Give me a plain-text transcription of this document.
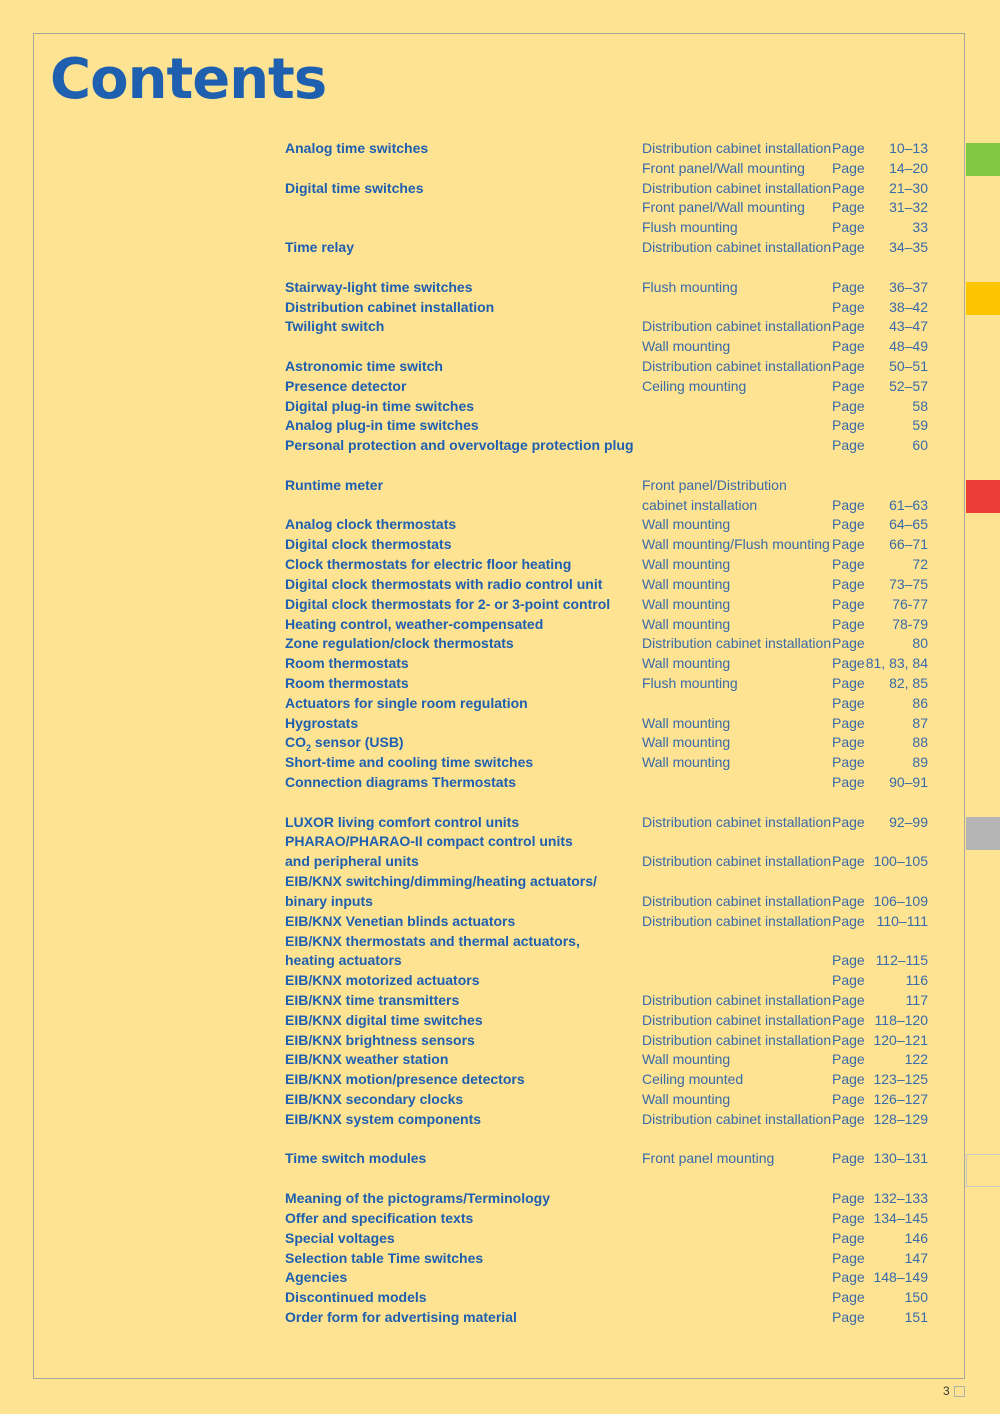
Contents
Analog time switches	Distribution cabinet installation Page 10–13
Front panel/Wall mounting Page 14–20
Digital time switches	Distribution cabinet installation Page 21–30
Front panel/Wall mounting Page 31–32
Flush mounting	Page	33
Time relay	Distribution cabinet installation Page 34–35
Stairway-light time switches	Flush mounting	Page 36–37
Distribution cabinet installation	Page 38–42
Twilight switch	Distribution cabinet installation Page 43–47
Wall mounting	Page 48–49
Astronomic time switch	Distribution cabinet installation Page 50–51
Presence detector	Ceiling mounting	Page 52–57
Digital plug-in time switches	Page	58
Analog plug-in time switches	Page	59
Personal protection and overvoltage protection plug	Page	60
Runtime meter	Front panel/Distribution
cabinet installation	Page 61–63
Analog clock thermostats	Wall mounting	Page 64–65
Digital clock thermostats	Wall mounting/Flush mounting Page 66–71
Clock thermostats for electric floor heating	Wall mounting	Page	72
Digital clock thermostats with radio control unit	Wall mounting	Page 73–75
Digital clock thermostats for 2- or 3-point control Wall mounting	Page 76-77
Heating control, weather-compensated	Wall mounting	Page 78-79
Zone regulation/clock thermostats	Distribution cabinet installation Page	80
Room thermostats	Wall mounting	Page 81, 83, 84
Room thermostats	Flush mounting	Page 82, 85
Actuators for single room regulation	Page	86
Hygrostats	Wall mounting	Page	87
$CO_2$ sensor (USB)	Wall mounting	Page	88
Short-time and cooling time switches	Wall mounting	Page	89
Connection diagrams Thermostats	Page 90–91
LUXOR living comfort control units	Distribution cabinet installation Page 92–99
PHARAO/PHARAO-II compact control units
and peripheral units	Distribution cabinet installation Page 100–105
EIB/KNX switching/dimming/heating actuators/
binary inputs	Distribution cabinet installation Page 106–109
EIB/KNX Venetian blinds actuators	Distribution cabinet installation Page 110–111
EIB/KNX thermostats and thermal actuators,
heating actuators	Page 112–115
EIB/KNX motorized actuators	Page	116
EIB/KNX time transmitters	Distribution cabinet installation Page	117
EIB/KNX digital time switches	Distribution cabinet installation Page 118–120
EIB/KNX brightness sensors	Distribution cabinet installation Page 120–121
EIB/KNX weather station	Wall mounting	Page	122
EIB/KNX motion/presence detectors	Ceiling mounted	Page 123–125
EIB/KNX secondary clocks	Wall mounting	Page 126–127
EIB/KNX system components	Distribution cabinet installation Page 128–129
Time switch modules	Front panel mounting	Page 130–131
Meaning of the pictograms/Terminology	Page 132–133
Offer and specification texts	Page 134–145
Special voltages	Page	146
Selection table Time switches	Page	147
Agencies	Page 148–149
Discontinued models	Page	150
Order form for advertising material	Page	151
3
